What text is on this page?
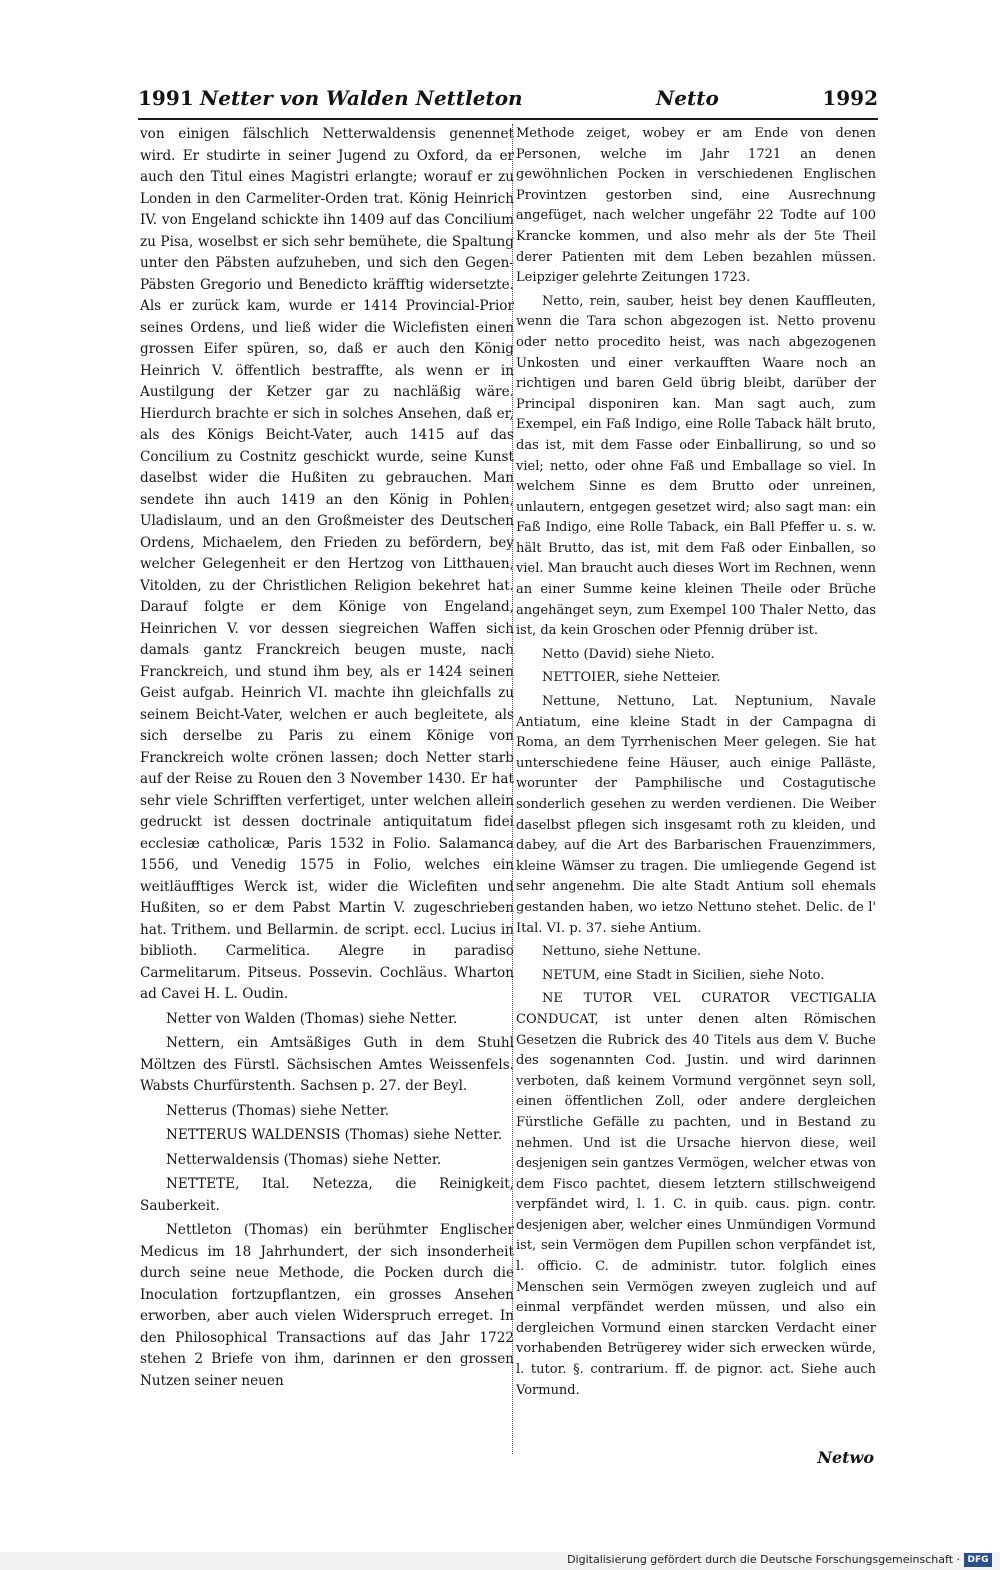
1991 Netter von Walden Nettleton	Netto	1992

von einigen fälschlich Netterwaldensis genennet wird. Er studirte in seiner Jugend zu Oxford, da er auch den Titul eines Magistri erlangte; worauf er zu Londen in den Carmeliter-Orden trat. König Heinrich IV. von Engeland schickte ihn 1409 auf das Concilium zu Pisa, woselbst er sich sehr bemühete, die Spaltung unter den Päbsten aufzuheben, und sich den Gegen-Päbsten Gregorio und Benedicto kräfftig widersetzte. Als er zurück kam, wurde er 1414 Provincial-Prior seines Ordens, und ließ wider die Wiclefisten einen grossen Eifer spüren, so, daß er auch den König Heinrich V. öffentlich bestraffte, als wenn er in Austilgung der Ketzer gar zu nachläßig wäre. Hierdurch brachte er sich in solches Ansehen, daß er, als des Königs Beicht-Vater, auch 1415 auf das Concilium zu Costnitz geschickt wurde, seine Kunst daselbst wider die Hußiten zu gebrauchen. Man sendete ihn auch 1419 an den König in Pohlen, Uladislaum, und an den Großmeister des Deutschen Ordens, Michaelem, den Frieden zu befördern, bey welcher Gelegenheit er den Hertzog von Litthauen, Vitolden, zu der Christlichen Religion bekehret hat. Darauf folgte er dem Könige von Engeland, Heinrichen V. vor dessen siegreichen Waffen sich damals gantz Franckreich beugen muste, nach Franckreich, und stund ihm bey, als er 1424 seinen Geist aufgab. Heinrich VI. machte ihn gleichfalls zu seinem Beicht-Vater, welchen er auch begleitete, als sich derselbe zu Paris zu einem Könige von Franckreich wolte crönen lassen; doch Netter starb auf der Reise zu Rouen den 3 November 1430. Er hat sehr viele Schrifften verfertiget, unter welchen allein gedruckt ist dessen doctrinale antiquitatum fidei ecclesiæ catholicæ, Paris 1532 in Folio. Salamanca 1556, und Venedig 1575 in Folio, welches ein weitläufftiges Werck ist, wider die Wiclefiten und Hußiten, so er dem Pabst Martin V. zugeschrieben hat. Trithem. und Bellarmin. de script. eccl. Lucius in biblioth. Carmelitica. Alegre in paradiso Carmelitarum. Pitseus. Possevin. Cochläus. Wharton ad Cavei H. L. Oudin.

Netter von Walden (Thomas) siehe Netter.

Nettern, ein Amtsäßiges Guth in dem Stuhl Möltzen des Fürstl. Sächsischen Amtes Weissenfels. Wabsts Churfürstenth. Sachsen p. 27. der Beyl.

Netterus (Thomas) siehe Netter.

NETTERUS WALDENSIS (Thomas) siehe Netter.

Netterwaldensis (Thomas) siehe Netter.

NETTETE, Ital. Netezza, die Reinigkeit, Sauberkeit.

Nettleton (Thomas) ein berühmter Englischer Medicus im 18 Jahrhundert, der sich insonderheit durch seine neue Methode, die Pocken durch die Inoculation fortzupflantzen, ein grosses Ansehen erworben, aber auch vielen Widerspruch erreget. In den Philosophical Transactions auf das Jahr 1722 stehen 2 Briefe von ihm, darinnen er den grossen Nutzen seiner neuen

Methode zeiget, wobey er am Ende von denen Personen, welche im Jahr 1721 an denen gewöhnlichen Pocken in verschiedenen Englischen Provintzen gestorben sind, eine Ausrechnung angefüget, nach welcher ungefähr 22 Todte auf 100 Krancke kommen, und also mehr als der 5te Theil derer Patienten mit dem Leben bezahlen müssen. Leipziger gelehrte Zeitungen 1723.

Netto, rein, sauber, heist bey denen Kauffleuten, wenn die Tara schon abgezogen ist. Netto provenu oder netto procedito heist, was nach abgezogenen Unkosten und einer verkaufften Waare noch an richtigen und baren Geld übrig bleibt, darüber der Principal disponiren kan. Man sagt auch, zum Exempel, ein Faß Indigo, eine Rolle Taback hält bruto, das ist, mit dem Fasse oder Einballirung, so und so viel; netto, oder ohne Faß und Emballage so viel. In welchem Sinne es dem Brutto oder unreinen, unlautern, entgegen gesetzet wird; also sagt man: ein Faß Indigo, eine Rolle Taback, ein Ball Pfeffer u. s. w. hält Brutto, das ist, mit dem Faß oder Einballen, so viel. Man braucht auch dieses Wort im Rechnen, wenn an einer Summe keine kleinen Theile oder Brüche angehänget seyn, zum Exempel 100 Thaler Netto, das ist, da kein Groschen oder Pfennig drüber ist.

Netto (David) siehe Nieto.

NETTOIER, siehe Netteier.

Nettune, Nettuno, Lat. Neptunium, Navale Antiatum, eine kleine Stadt in der Campagna di Roma, an dem Tyrrhenischen Meer gelegen. Sie hat unterschiedene feine Häuser, auch einige Palläste, worunter der Pamphilische und Costagutische sonderlich gesehen zu werden verdienen. Die Weiber daselbst pflegen sich insgesamt roth zu kleiden, und dabey, auf die Art des Barbarischen Frauenzimmers, kleine Wämser zu tragen. Die umliegende Gegend ist sehr angenehm. Die alte Stadt Antium soll ehemals gestanden haben, wo ietzo Nettuno stehet. Delic. de l' Ital. VI. p. 37. siehe Antium.

Nettuno, siehe Nettune.

NETUM, eine Stadt in Sicilien, siehe Noto.

NE TUTOR VEL CURATOR VECTIGALIA CONDUCAT, ist unter denen alten Römischen Gesetzen die Rubrick des 40 Titels aus dem V. Buche des sogenannten Cod. Justin. und wird darinnen verboten, daß keinem Vormund vergönnet seyn soll, einen öffentlichen Zoll, oder andere dergleichen Fürstliche Gefälle zu pachten, und in Bestand zu nehmen. Und ist die Ursache hiervon diese, weil desjenigen sein gantzes Vermögen, welcher etwas von dem Fisco pachtet, diesem letztern stillschweigend verpfändet wird, l. 1. C. in quib. caus. pign. contr. desjenigen aber, welcher eines Unmündigen Vormund ist, sein Vermögen dem Pupillen schon verpfändet ist, l. officio. C. de administr. tutor. folglich eines Menschen sein Vermögen zweyen zugleich und auf einmal verpfändet werden müssen, und also ein dergleichen Vormund einen starcken Verdacht einer vorhabenden Betrügerey wider sich erwecken würde, l. tutor. §. contrarium. ff. de pignor. act. Siehe auch Vormund.

Netwo
Digitalisierung gefördert durch die Deutsche Forschungsgemeinschaft · DFG
